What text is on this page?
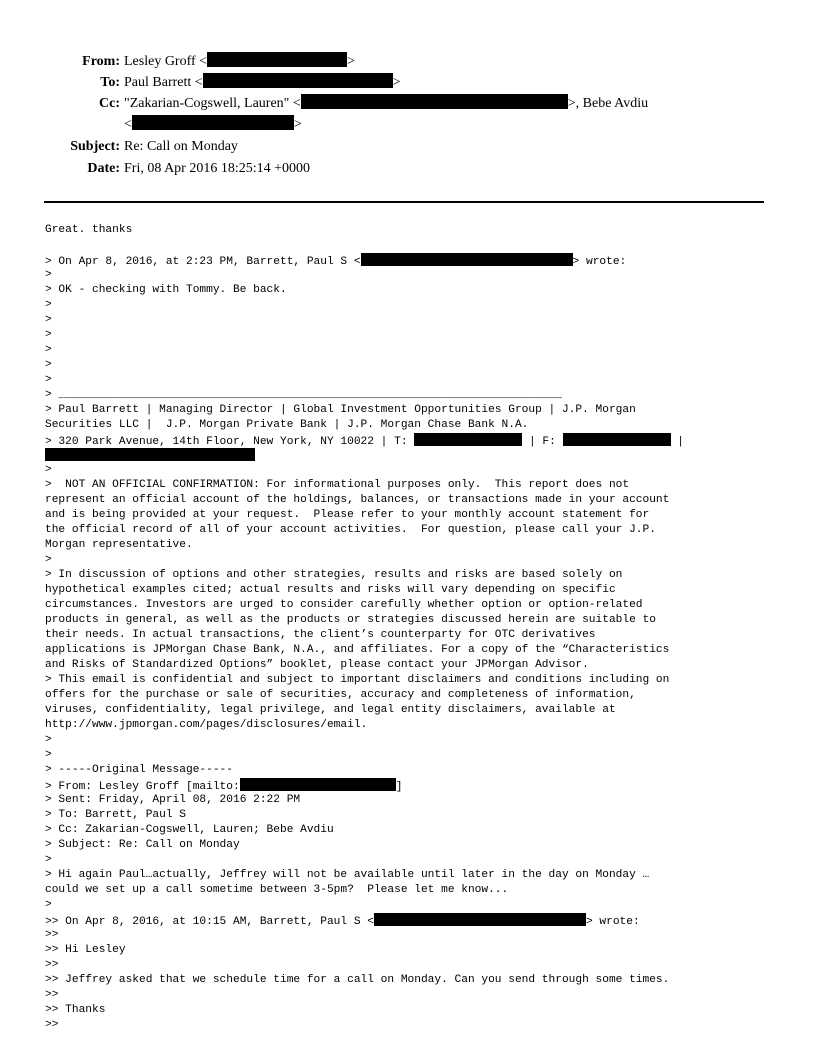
From: Lesley Groff <	>
To: Paul Barrett <	>
Cc: "Zakarian-Cogswell, Lauren" <	>, Bebe Avdiu
<	>
Subject: Re: Call on Monday
Date: Fri, 08 Apr 2016 18:25:14 +0000
Great. thanks
> On Apr 8, 2016, at 2:23 PM, Barrett, Paul S <	> wrote:
>
> OK - checking with Tommy. Be back.
>
>
>
>
>
>
> ___________________________________________________________________________
> Paul Barrett | Managing Director | Global Investment Opportunities Group | J.P. Morgan
Securities LLC |  J.P. Morgan Private Bank | J.P. Morgan Chase Bank N.A.
> 320 Park Avenue, 14th Floor, New York, NY 10022 | T:	| F:	|
>
>  NOT AN OFFICIAL CONFIRMATION: For informational purposes only.  This report does not
represent an official account of the holdings, balances, or transactions made in your account
and is being provided at your request.  Please refer to your monthly account statement for
the official record of all of your account activities.  For question, please call your J.P.
Morgan representative.
>
> In discussion of options and other strategies, results and risks are based solely on
hypothetical examples cited; actual results and risks will vary depending on specific
circumstances. Investors are urged to consider carefully whether option or option-related
products in general, as well as the products or strategies discussed herein are suitable to
their needs. In actual transactions, the client’s counterparty for OTC derivatives
applications is JPMorgan Chase Bank, N.A., and affiliates. For a copy of the “Characteristics
and Risks of Standardized Options” booklet, please contact your JPMorgan Advisor.
> This email is confidential and subject to important disclaimers and conditions including on
offers for the purchase or sale of securities, accuracy and completeness of information,
viruses, confidentiality, legal privilege, and legal entity disclaimers, available at
http://www.jpmorgan.com/pages/disclosures/email.
>
>
> -----Original Message-----
> From: Lesley Groff [mailto:	]
> Sent: Friday, April 08, 2016 2:22 PM
> To: Barrett, Paul S
> Cc: Zakarian-Cogswell, Lauren; Bebe Avdiu
> Subject: Re: Call on Monday
>
> Hi again Paul…actually, Jeffrey will not be available until later in the day on Monday …
could we set up a call sometime between 3-5pm?  Please let me know...
>
>> On Apr 8, 2016, at 10:15 AM, Barrett, Paul S <	> wrote:
>>
>> Hi Lesley
>>
>> Jeffrey asked that we schedule time for a call on Monday. Can you send through some times.
>>
>> Thanks
>>
